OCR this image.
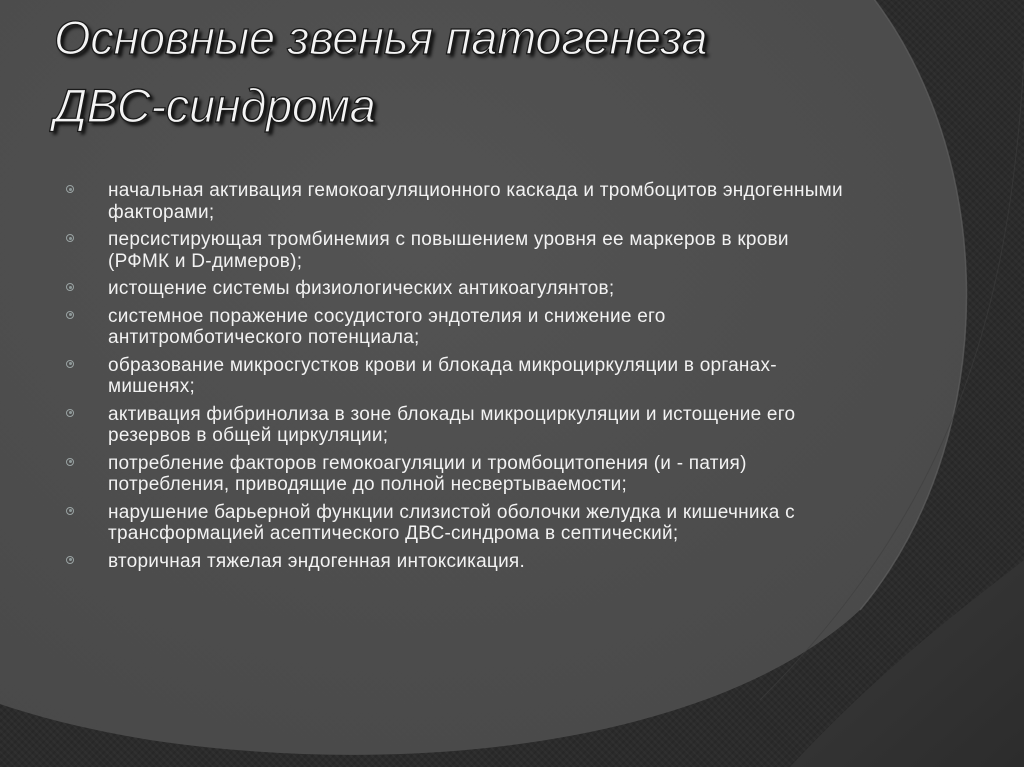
Основные звенья патогенеза
ДВС-синдрома
начальная активация гемокоагуляционного каскада и тромбоцитов эндогенными факторами;
персистирующая тромбинемия с повышением уровня ее маркеров в крови (РФМК и D-димеров);
истощение системы физиологических антикоагулянтов;
системное поражение сосудистого эндотелия и снижение его антитромботического потенциала;
образование микросгустков крови и блокада микроциркуляции в органах-мишенях;
активация фибринолиза в зоне блокады микроциркуляции и истощение его резервов в общей циркуляции;
потребление факторов гемокоагуляции и тромбоцитопения (и - патия) потребления, приводящие до полной несвертываемости;
нарушение барьерной функции слизистой оболочки желудка и кишечника с трансформацией асептического ДВС-синдрома в септический;
вторичная тяжелая эндогенная интоксикация.
